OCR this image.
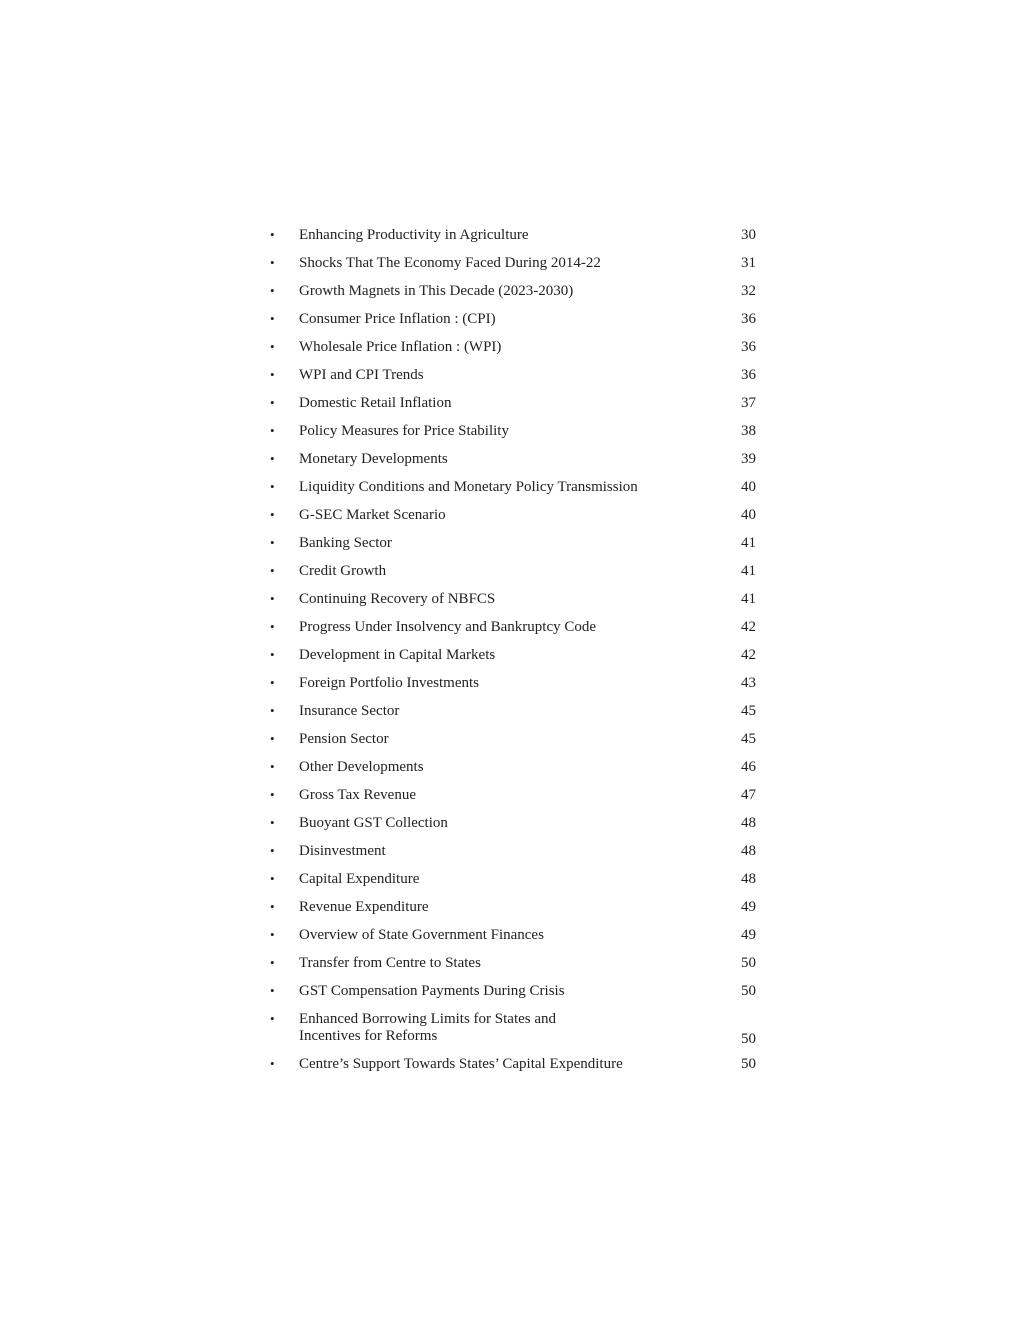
•	Enhancing Productivity in Agriculture	30
•	Shocks That The Economy Faced During 2014-22	31
•	Growth Magnets in This Decade (2023-2030)	32
•	Consumer Price Inflation : (CPI)	36
•	Wholesale Price Inflation : (WPI)	36
•	WPI and CPI Trends	36
•	Domestic Retail Inflation	37
•	Policy Measures for Price Stability	38
•	Monetary Developments	39
•	Liquidity Conditions and Monetary Policy Transmission	40
•	G-SEC Market Scenario	40
•	Banking Sector	41
•	Credit Growth	41
•	Continuing Recovery of NBFCS	41
•	Progress Under Insolvency and Bankruptcy Code	42
•	Development in Capital Markets	42
•	Foreign Portfolio Investments	43
•	Insurance Sector	45
•	Pension Sector	45
•	Other Developments	46
•	Gross Tax Revenue	47
•	Buoyant GST Collection	48
•	Disinvestment	48
•	Capital Expenditure	48
•	Revenue Expenditure	49
•	Overview of State Government Finances	49
•	Transfer from Centre to States	50
•	GST Compensation Payments During Crisis	50
•	Enhanced Borrowing Limits for States and
Incentives for Reforms	50
•	Centre’s Support Towards States’ Capital Expenditure	50
